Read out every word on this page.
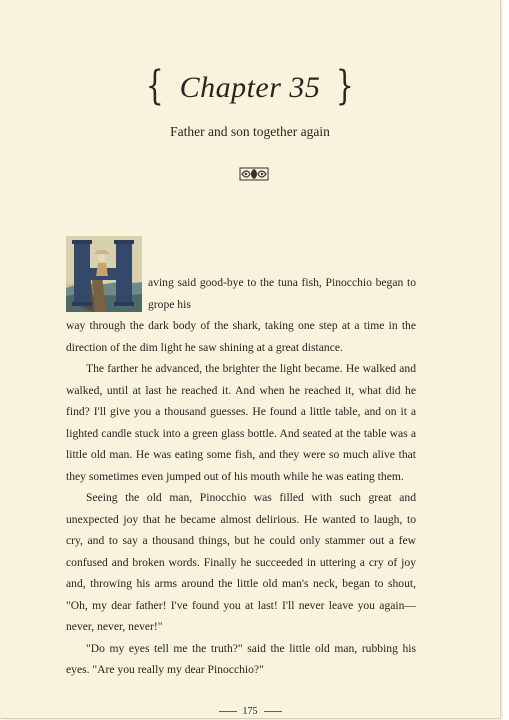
{ Chapter 35 }
Father and son together again

aving said good-bye to the tuna fish, Pinocchio began to grope his
way through the dark body of the shark, taking one step at a time in the direction of the dim light he saw shining at a great distance.

The farther he advanced, the brighter the light became. He walked and walked, until at last he reached it. And when he reached it, what did he find? I'll give you a thousand guesses. He found a little table, and on it a lighted candle stuck into a green glass bottle. And seated at the table was a little old man. He was eating some fish, and they were so much alive that they sometimes even jumped out of his mouth while he was eating them.

Seeing the old man, Pinocchio was filled with such great and unexpected joy that he became almost delirious. He wanted to laugh, to cry, and to say a thousand things, but he could only stammer out a few confused and broken words. Finally he succeeded in uttering a cry of joy and, throwing his arms around the little old man's neck, began to shout, "Oh, my dear father! I've found you at last! I'll never leave you again—never, never, never!"

"Do my eyes tell me the truth?" said the little old man, rubbing his eyes. "Are you really my dear Pinocchio?"

175
